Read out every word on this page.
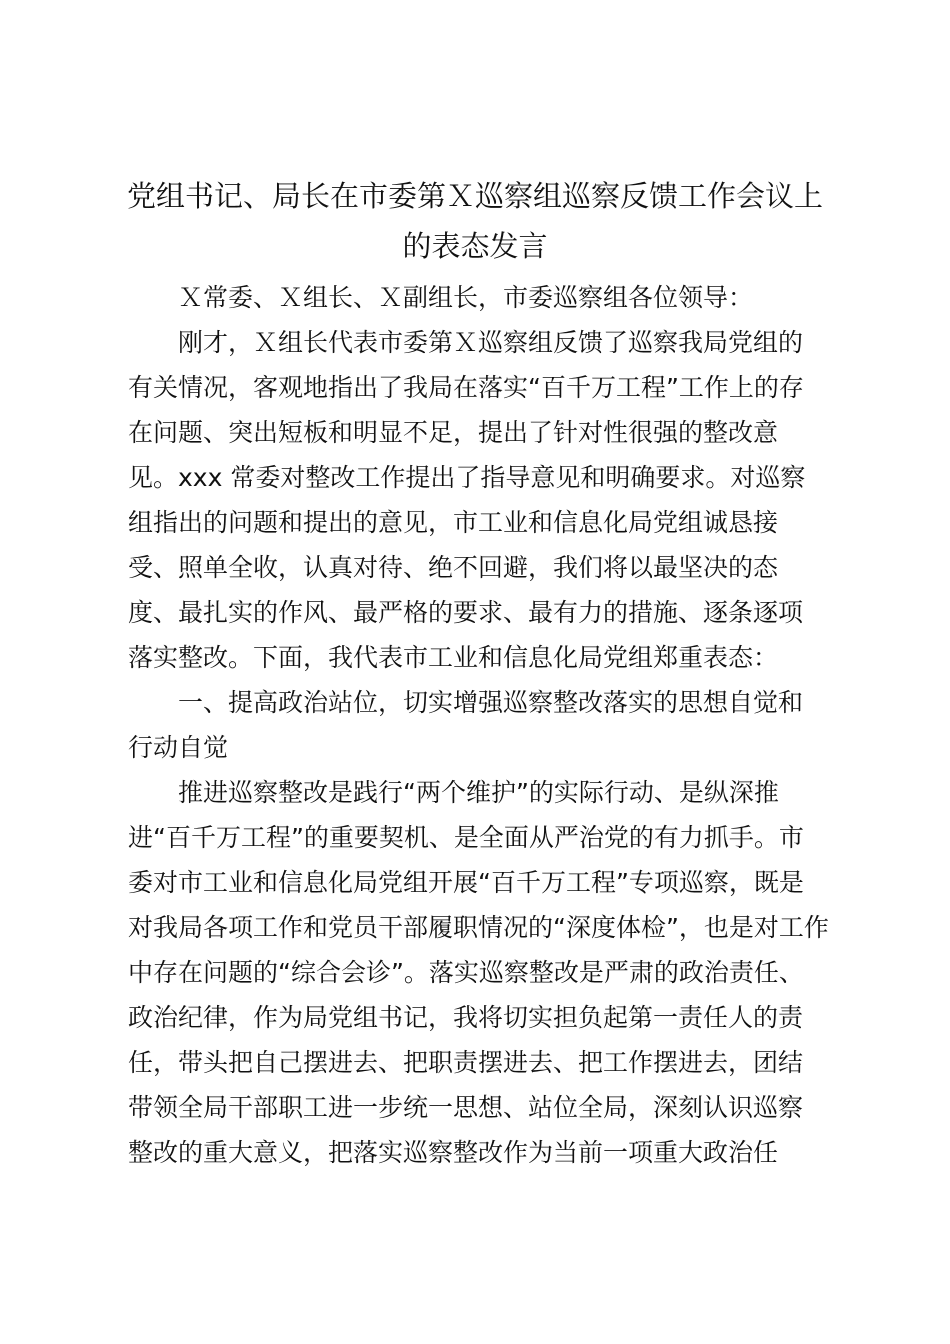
党组书记、局长在市委第Ｘ巡察组巡察反馈工作会议上
的表态发言
Ｘ常委、Ｘ组长、Ｘ副组长，市委巡察组各位领导：
刚才，Ｘ组长代表市委第Ｘ巡察组反馈了巡察我局党组的
有关情况，客观地指出了我局在落实“百千万工程”工作上的存
在问题、突出短板和明显不足，提出了针对性很强的整改意
见。xxx 常委对整改工作提出了指导意见和明确要求。对巡察
组指出的问题和提出的意见，市工业和信息化局党组诚恳接
受、照单全收，认真对待、绝不回避，我们将以最坚决的态
度、最扎实的作风、最严格的要求、最有力的措施、逐条逐项
落实整改。下面，我代表市工业和信息化局党组郑重表态：
一、提高政治站位，切实增强巡察整改落实的思想自觉和
行动自觉
推进巡察整改是践行“两个维护”的实际行动、是纵深推
进“百千万工程”的重要契机、是全面从严治党的有力抓手。市
委对市工业和信息化局党组开展“百千万工程”专项巡察，既是
对我局各项工作和党员干部履职情况的“深度体检”，也是对工作
中存在问题的“综合会诊”。落实巡察整改是严肃的政治责任、
政治纪律，作为局党组书记，我将切实担负起第一责任人的责
任，带头把自己摆进去、把职责摆进去、把工作摆进去，团结
带领全局干部职工进一步统一思想、站位全局，深刻认识巡察
整改的重大意义，把落实巡察整改作为当前一项重大政治任
